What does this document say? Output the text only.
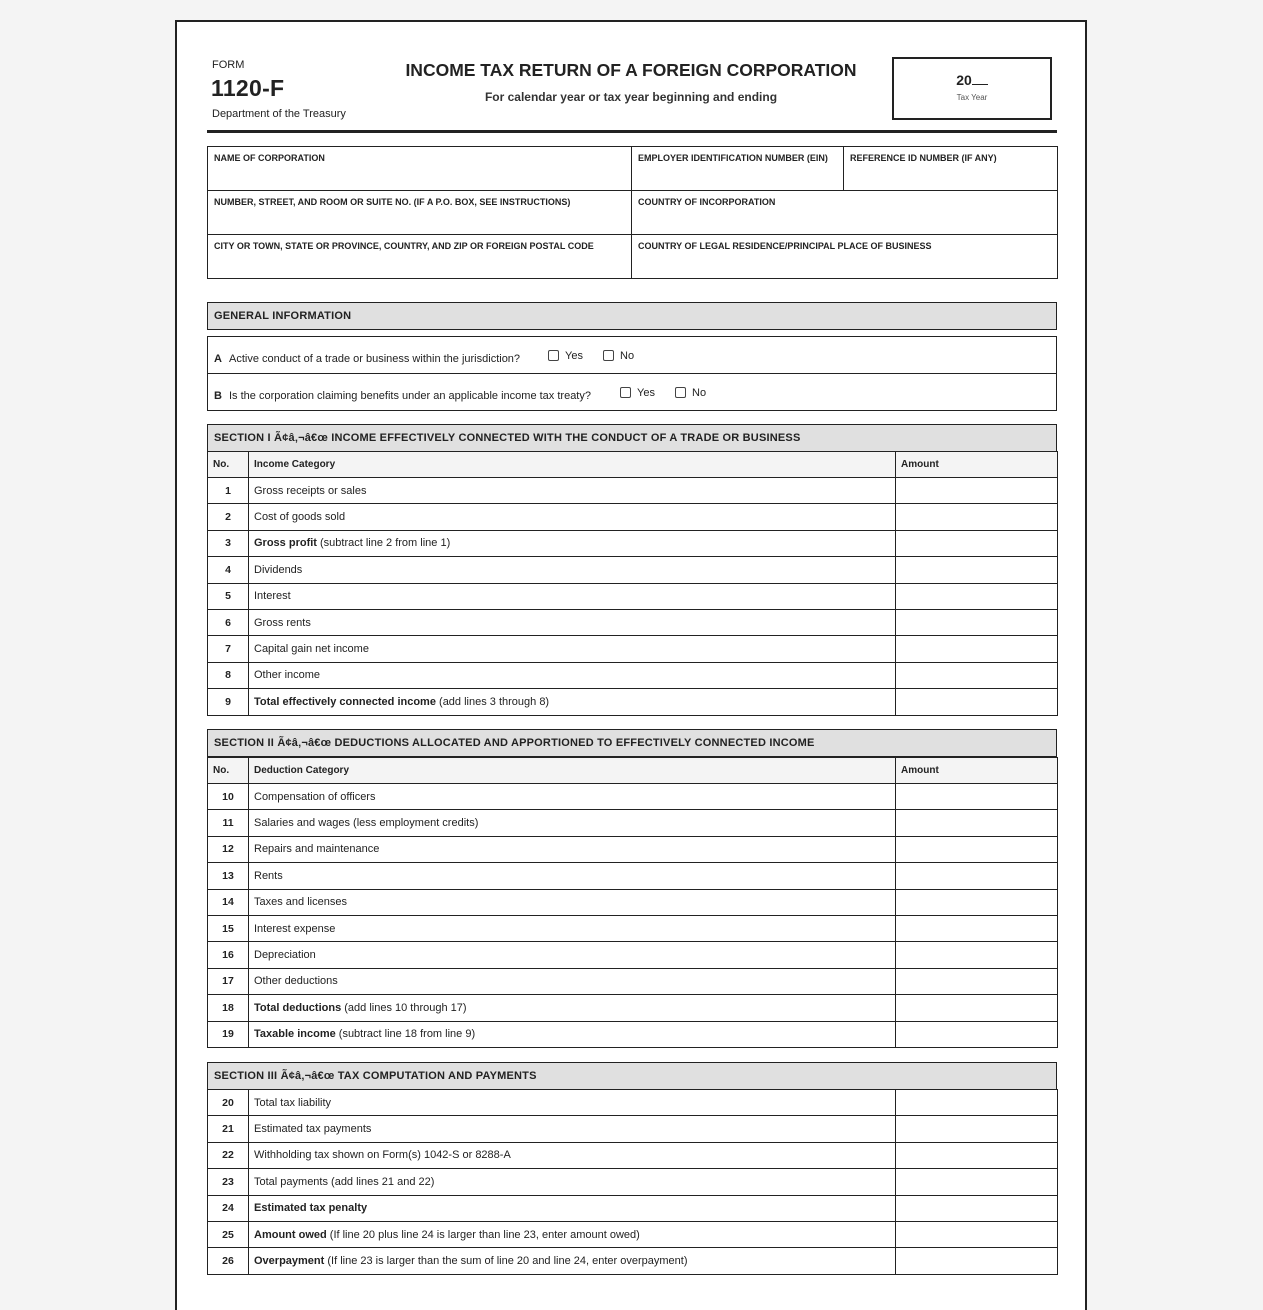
FORM
1120-F
Department of the Treasury
INCOME TAX RETURN OF A FOREIGN CORPORATION
For calendar year or tax year beginning and ending
20
Tax Year
NAME OF CORPORATION	EMPLOYER IDENTIFICATION NUMBER (EIN)	REFERENCE ID NUMBER (IF ANY)
NUMBER, STREET, AND ROOM OR SUITE NO. (IF A P.O. BOX, SEE INSTRUCTIONS)	COUNTRY OF INCORPORATION	
CITY OR TOWN, STATE OR PROVINCE, COUNTRY, AND ZIP OR FOREIGN POSTAL CODE	COUNTRY OF LEGAL RESIDENCE/PRINCIPAL PLACE OF BUSINESS	
GENERAL INFORMATION
A Active conduct of a trade or business within the jurisdiction?	Yes	No
B Is the corporation claiming benefits under an applicable income tax treaty?	Yes	No
SECTION I Ã¢â‚¬â€œ INCOME EFFECTIVELY CONNECTED WITH THE CONDUCT OF A TRADE OR BUSINESS
No.	Income Category	Amount
1	Gross receipts or sales	
2	Cost of goods sold	
3	Gross profit (subtract line 2 from line 1)	
4	Dividends	
5	Interest	
6	Gross rents	
7	Capital gain net income	
8	Other income	
9	Total effectively connected income (add lines 3 through 8)	
SECTION II Ã¢â‚¬â€œ DEDUCTIONS ALLOCATED AND APPORTIONED TO EFFECTIVELY CONNECTED INCOME
No.	Deduction Category	Amount
10	Compensation of officers	
11	Salaries and wages (less employment credits)	
12	Repairs and maintenance	
13	Rents	
14	Taxes and licenses	
15	Interest expense	
16	Depreciation	
17	Other deductions	
18	Total deductions (add lines 10 through 17)	
19	Taxable income (subtract line 18 from line 9)	
SECTION III Ã¢â‚¬â€œ TAX COMPUTATION AND PAYMENTS
20	Total tax liability	
21	Estimated tax payments	
22	Withholding tax shown on Form(s) 1042-S or 8288-A	
23	Total payments (add lines 21 and 22)	
24	Estimated tax penalty	
25	Amount owed (If line 20 plus line 24 is larger than line 23, enter amount owed)	
26	Overpayment (If line 23 is larger than the sum of line 20 and line 24, enter overpayment)	
